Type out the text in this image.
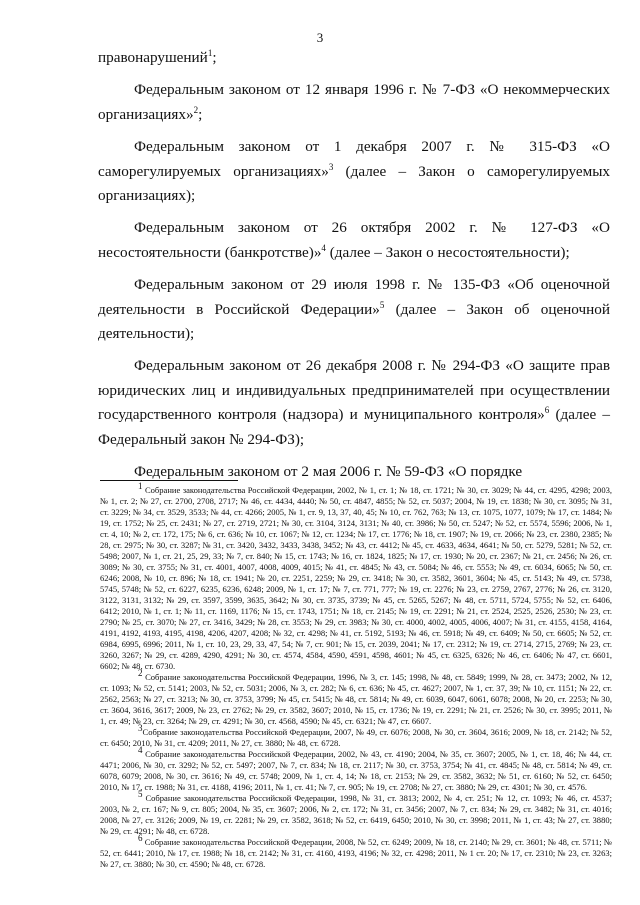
3

правонарушений$^1$;

Федеральным законом от 12 января 1996 г. № 7-ФЗ «О некоммерческих организациях»$^2$;

Федеральным законом от 1 декабря 2007 г. № 315-ФЗ «О саморегулируемых организациях»$^3$ (далее – Закон о саморегулируемых организациях);

Федеральным законом от 26 октября 2002 г. № 127-ФЗ «О несостоятельности (банкротстве)»$^4$ (далее – Закон о несостоятельности);

Федеральным законом от 29 июля 1998 г. № 135-ФЗ «Об оценочной деятельности в Российской Федерации»$^5$ (далее – Закон об оценочной деятельности);

Федеральным законом от 26 декабря 2008 г. № 294-ФЗ «О защите прав юридических лиц и индивидуальных предпринимателей при осуществлении государственного контроля (надзора) и муниципального контроля»$^6$ (далее – Федеральный закон № 294-ФЗ);

Федеральным законом от 2 мая 2006 г. № 59-ФЗ «О порядке

$^1$ Собрание законодательства Российской Федерации, 2002, № 1, ст. 1; № 18, ст. 1721; № 30, ст. 3029; № 44, ст. 4295, 4298; 2003, № 1, ст. 2; № 27, ст. 2700, 2708, 2717; № 46, ст. 4434, 4440; № 50, ст. 4847, 4855; № 52, ст. 5037; 2004, № 19, ст. 1838; № 30, ст. 3095; № 31, ст. 3229; № 34, ст. 3529, 3533; № 44, ст. 4266; 2005, № 1, ст. 9, 13, 37, 40, 45; № 10, ст. 762, 763; № 13, ст. 1075, 1077, 1079; № 17, ст. 1484; № 19, ст. 1752; № 25, ст. 2431; № 27, ст. 2719, 2721; № 30, ст. 3104, 3124, 3131; № 40, ст. 3986; № 50, ст. 5247; № 52, ст. 5574, 5596; 2006, № 1, ст. 4, 10; № 2, ст. 172, 175; № 6, ст. 636; № 10, ст. 1067; № 12, ст. 1234; № 17, ст. 1776; № 18, ст. 1907; № 19, ст. 2066; № 23, ст. 2380, 2385; № 28, ст. 2975; № 30, ст. 3287; № 31, ст. 3420, 3432, 3433, 3438, 3452; № 43, ст. 4412; № 45, ст. 4633, 4634, 4641; № 50, ст. 5279, 5281; № 52, ст. 5498; 2007, № 1, ст. 21, 25, 29, 33; № 7, ст. 840; № 15, ст. 1743; № 16, ст. 1824, 1825; № 17, ст. 1930; № 20, ст. 2367; № 21, ст. 2456; № 26, ст. 3089; № 30, ст. 3755; № 31, ст. 4001, 4007, 4008, 4009, 4015; № 41, ст. 4845; № 43, ст. 5084; № 46, ст. 5553; № 49, ст. 6034, 6065; № 50, ст. 6246; 2008, № 10, ст. 896; № 18, ст. 1941; № 20, ст. 2251, 2259; № 29, ст. 3418; № 30, ст. 3582, 3601, 3604; № 45, ст. 5143; № 49, ст. 5738, 5745, 5748; № 52, ст. 6227, 6235, 6236, 6248; 2009, № 1, ст. 17; № 7, ст. 771, 777; № 19, ст. 2276; № 23, ст. 2759, 2767, 2776; № 26, ст. 3120, 3122, 3131, 3132; № 29, ст. 3597, 3599, 3635, 3642; № 30, ст. 3735, 3739; № 45, ст. 5265, 5267; № 48, ст. 5711, 5724, 5755; № 52, ст. 6406, 6412; 2010, № 1, ст. 1; № 11, ст. 1169, 1176; № 15, ст. 1743, 1751; № 18, ст. 2145; № 19, ст. 2291; № 21, ст. 2524, 2525, 2526, 2530; № 23, ст. 2790; № 25, ст. 3070; № 27, ст. 3416, 3429; № 28, ст. 3553; № 29, ст. 3983; № 30, ст. 4000, 4002, 4005, 4006, 4007; № 31, ст. 4155, 4158, 4164, 4191, 4192, 4193, 4195, 4198, 4206, 4207, 4208; № 32, ст. 4298; № 41, ст. 5192, 5193; № 46, ст. 5918; № 49, ст. 6409; № 50, ст. 6605; № 52, ст. 6984, 6995, 6996; 2011, № 1, ст. 10, 23, 29, 33, 47, 54; № 7, ст. 901; № 15, ст. 2039, 2041; № 17, ст. 2312; № 19, ст. 2714, 2715, 2769; № 23, ст. 3260, 3267; № 29, ст. 4289, 4290, 4291; № 30, ст. 4574, 4584, 4590, 4591, 4598, 4601; № 45, ст. 6325, 6326; № 46, ст. 6406; № 47, ст. 6601, 6602; № 48, ст. 6730.

$^2$ Собрание законодательства Российской Федерации, 1996, № 3, ст. 145; 1998, № 48, ст. 5849; 1999, № 28, ст. 3473; 2002, № 12, ст. 1093; № 52, ст. 5141; 2003, № 52, ст. 5031; 2006, № 3, ст. 282; № 6, ст. 636; № 45, ст. 4627; 2007, № 1, ст. 37, 39; № 10, ст. 1151; № 22, ст. 2562, 2563; № 27, ст. 3213; № 30, ст. 3753, 3799; № 45, ст. 5415; № 48, ст. 5814; № 49, ст. 6039, 6047, 6061, 6078; 2008, № 20, ст. 2253; № 30, ст. 3604, 3616, 3617; 2009, № 23, ст. 2762; № 29, ст. 3582, 3607; 2010, № 15, ст. 1736; № 19, ст. 2291; № 21, ст. 2526; № 30, ст. 3995; 2011, № 1, ст. 49; № 23, ст. 3264; № 29, ст. 4291; № 30, ст. 4568, 4590; № 45, ст. 6321; № 47, ст. 6607.

$^3$Собрание законодательства Российской Федерации, 2007, № 49, ст. 6076; 2008, № 30, ст. 3604, 3616; 2009, № 18, ст. 2142; № 52, ст. 6450; 2010, № 31, ст. 4209; 2011, № 27, ст. 3880; № 48, ст. 6728.

$^4$ Собрание законодательства Российской Федерации, 2002, № 43, ст. 4190; 2004, № 35, ст. 3607; 2005, № 1, ст. 18, 46; № 44, ст. 4471; 2006, № 30, ст. 3292; № 52, ст. 5497; 2007, № 7, ст. 834; № 18, ст. 2117; № 30, ст. 3753, 3754; № 41, ст. 4845; № 48, ст. 5814; № 49, ст. 6078, 6079; 2008, № 30, ст. 3616; № 49, ст. 5748; 2009, № 1, ст. 4, 14; № 18, ст. 2153; № 29, ст. 3582, 3632; № 51, ст. 6160; № 52, ст. 6450; 2010, № 17, ст. 1988; № 31, ст. 4188, 4196; 2011, № 1, ст. 41; № 7, ст. 905; № 19, ст. 2708; № 27, ст. 3880; № 29, ст. 4301; № 30, ст. 4576.

$^5$ Собрание законодательства Российской Федерации, 1998, № 31, ст. 3813; 2002, № 4, ст. 251; № 12, ст. 1093; № 46, ст. 4537; 2003, № 2, ст. 167; № 9, ст. 805; 2004, № 35, ст. 3607; 2006, № 2, ст. 172; № 31, ст. 3456; 2007, № 7, ст. 834; № 29, ст. 3482; № 31, ст. 4016; 2008, № 27, ст. 3126; 2009, № 19, ст. 2281; № 29, ст. 3582, 3618; № 52, ст. 6419, 6450; 2010, № 30, ст. 3998; 2011, № 1, ст. 43; № 27, ст. 3880; № 29, ст. 4291; № 48, ст. 6728.

$^6$ Собрание законодательства Российской Федерации, 2008, № 52, ст. 6249; 2009, № 18, ст. 2140; № 29, ст. 3601; № 48, ст. 5711; № 52, ст. 6441; 2010, № 17, ст. 1988; № 18, ст. 2142; № 31, ст. 4160, 4193, 4196; № 32, ст. 4298; 2011, № 1 ст. 20; № 17, ст. 2310; № 23, ст. 3263; № 27, ст. 3880; № 30, ст. 4590; № 48, ст. 6728.
